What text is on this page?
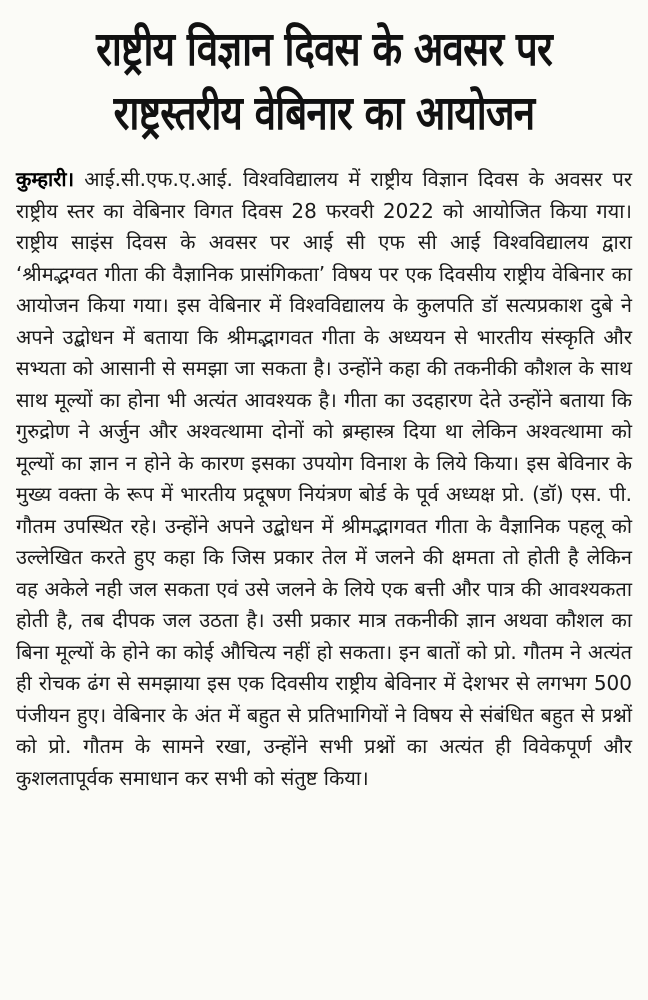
राष्ट्रीय विज्ञान दिवस के अवसर पर
राष्ट्रस्तरीय वेबिनार का आयोजन
कुम्हारी। आई.सी.एफ.ए.आई. विश्वविद्यालय में राष्ट्रीय विज्ञान दिवस के अवसर पर राष्ट्रीय स्तर का वेबिनार विगत दिवस 28 फरवरी 2022 को आयोजित किया गया। राष्ट्रीय साइंस दिवस के अवसर पर आई सी एफ सी आई विश्वविद्यालय द्वारा ‘श्रीमद्भग्वत गीता की वैज्ञानिक प्रासंगिकता’ विषय पर एक दिवसीय राष्ट्रीय वेबिनार का आयोजन किया गया। इस वेबिनार में विश्वविद्यालय के कुलपति डॉ सत्यप्रकाश दुबे ने अपने उद्बोधन में बताया कि श्रीमद्भागवत गीता के अध्ययन से भारतीय संस्कृति और सभ्यता को आसानी से समझा जा सकता है। उन्होंने कहा की तकनीकी कौशल के साथ साथ मूल्यों का होना भी अत्यंत आवश्यक है। गीता का उदहारण देते उन्होंने बताया कि गुरुद्रोण ने अर्जुन और अश्वत्थामा दोनों को ब्रम्हास्त्र दिया था लेकिन अश्वत्थामा को मूल्यों का ज्ञान न होने के कारण इसका उपयोग विनाश के लिये किया। इस बेविनार के मुख्य वक्ता के रूप में भारतीय प्रदूषण नियंत्रण बोर्ड के पूर्व अध्यक्ष प्रो. (डॉ) एस. पी. गौतम उपस्थित रहे। उन्होंने अपने उद्बोधन में श्रीमद्भागवत गीता के वैज्ञानिक पहलू को उल्लेखित करते हुए कहा कि जिस प्रकार तेल में जलने की क्षमता तो होती है लेकिन वह अकेले नही जल सकता एवं उसे जलने के लिये एक बत्ती और पात्र की आवश्यकता होती है, तब दीपक जल उठता है। उसी प्रकार मात्र तकनीकी ज्ञान अथवा कौशल का बिना मूल्यों के होने का कोई औचित्य नहीं हो सकता। इन बातों को प्रो. गौतम ने अत्यंत ही रोचक ढंग से समझाया इस एक दिवसीय राष्ट्रीय बेविनार में देशभर से लगभग 500 पंजीयन हुए। वेबिनार के अंत में बहुत से प्रतिभागियों ने विषय से संबंधित बहुत से प्रश्नों को प्रो. गौतम के सामने रखा, उन्होंने सभी प्रश्नों का अत्यंत ही विवेकपूर्ण और कुशलतापूर्वक समाधान कर सभी को संतुष्ट किया।
